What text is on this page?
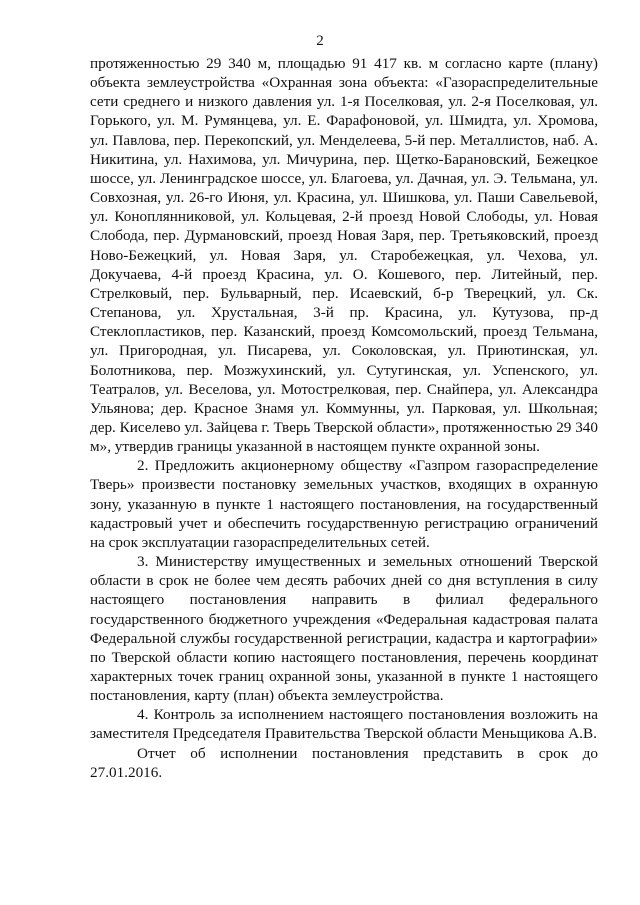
2

протяженностью 29 340 м, площадью 91 417 кв. м согласно карте (плану) объекта землеустройства «Охранная зона объекта: «Газораспределительные сети среднего и низкого давления ул. 1-я Поселковая, ул. 2-я Поселковая, ул. Горького, ул. М. Румянцева, ул. Е. Фарафоновой, ул. Шмидта, ул. Хромова, ул. Павлова, пер. Перекопский, ул. Менделеева, 5-й пер. Металлистов, наб. А. Никитина, ул. Нахимова, ул. Мичурина, пер. Щетко-Барановский, Бежецкое шоссе, ул. Ленинградское шоссе, ул. Благоева, ул. Дачная, ул. Э. Тельмана, ул. Совхозная, ул. 26-го Июня, ул. Красина, ул. Шишкова, ул. Паши Савельевой, ул. Коноплянниковой, ул. Кольцевая, 2-й проезд Новой Слободы, ул. Новая Слобода, пер. Дурмановский, проезд Новая Заря, пер. Третьяковский, проезд Ново-Бежецкий, ул. Новая Заря, ул. Старобежецкая, ул. Чехова, ул. Докучаева, 4-й проезд Красина, ул. О. Кошевого, пер. Литейный, пер. Стрелковый, пер. Бульварный, пер. Исаевский, б-р Тверецкий, ул. Ск. Степанова, ул. Хрустальная, 3-й пр. Красина, ул. Кутузова, пр-д Стеклопластиков, пер. Казанский, проезд Комсомольский, проезд Тельмана, ул. Пригородная, ул. Писарева, ул. Соколовская, ул. Приютинская, ул. Болотникова, пер. Мозжухинский, ул. Сутугинская, ул. Успенского, ул. Театралов, ул. Веселова, ул. Мотострелковая, пер. Снайпера, ул. Александра Ульянова; дер. Красное Знамя ул. Коммунны, ул. Парковая, ул. Школьная; дер. Киселево ул. Зайцева г. Тверь Тверской области», протяженностью 29 340 м», утвердив границы указанной в настоящем пункте охранной зоны.

2. Предложить акционерному обществу «Газпром газораспределение Тверь» произвести постановку земельных участков, входящих в охранную зону, указанную в пункте 1 настоящего постановления, на государственный кадастровый учет и обеспечить государственную регистрацию ограничений на срок эксплуатации газораспределительных сетей.

3. Министерству имущественных и земельных отношений Тверской области в срок не более чем десять рабочих дней со дня вступления в силу настоящего постановления направить в филиал федерального государственного бюджетного учреждения «Федеральная кадастровая палата Федеральной службы государственной регистрации, кадастра и картографии» по Тверской области копию настоящего постановления, перечень координат характерных точек границ охранной зоны, указанной в пункте 1 настоящего постановления, карту (план) объекта землеустройства.

4. Контроль за исполнением настоящего постановления возложить на заместителя Председателя Правительства Тверской области Меньщикова А.В.

Отчет об исполнении постановления представить в срок до 27.01.2016.
